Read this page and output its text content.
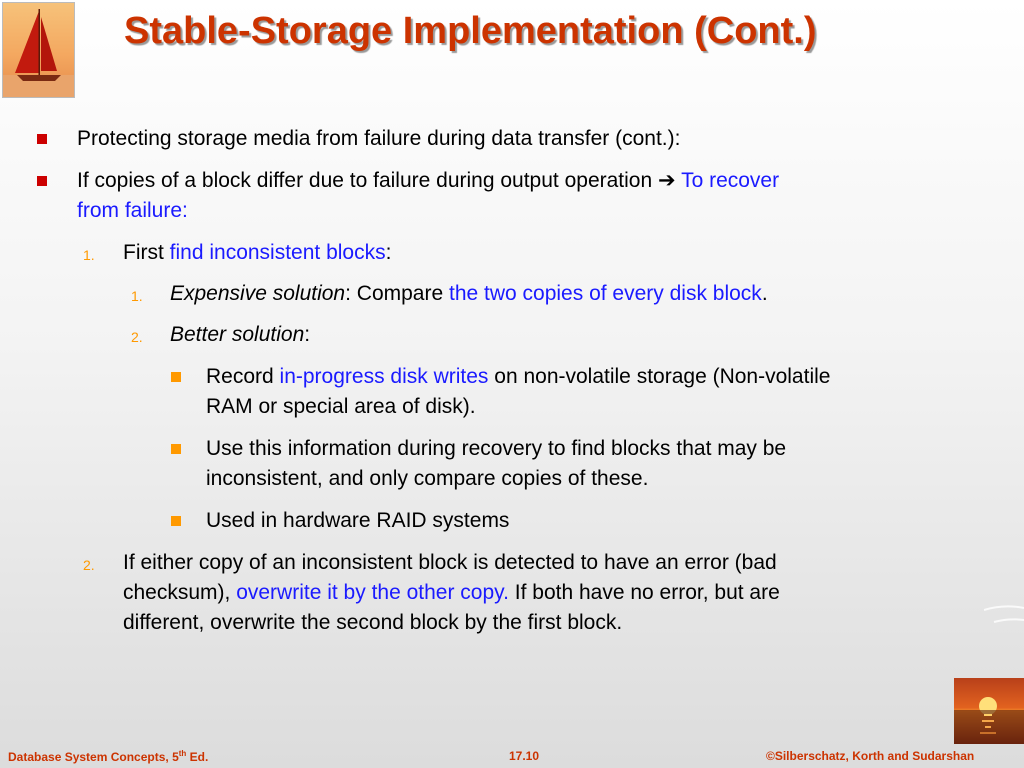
Stable-Storage Implementation (Cont.)
Protecting storage media from failure during data transfer (cont.):
If copies of a block differ due to failure during output operation ➔ To recover
from failure:
1. First find inconsistent blocks:
1. Expensive solution: Compare the two copies of every disk block.
2. Better solution:
Record in-progress disk writes on non-volatile storage (Non-volatile
RAM or special area of disk).
Use this information during recovery to find blocks that may be
inconsistent, and only compare copies of these.
Used in hardware RAID systems
2. If either copy of an inconsistent block is detected to have an error (bad
checksum), overwrite it by the other copy. If both have no error, but are
different, overwrite the second block by the first block.
Database System Concepts, 5th Ed.	17.10	©Silberschatz, Korth and Sudarshan
